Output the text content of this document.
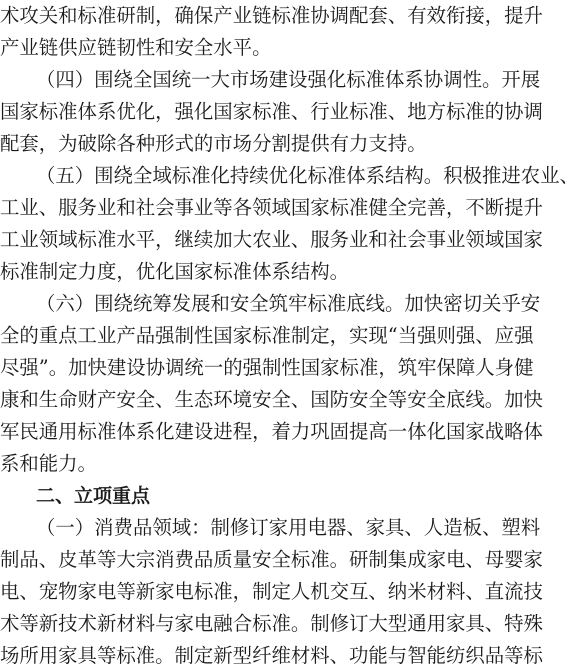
术攻关和标准研制，确保产业链标准协调配套、有效衔接，提升
产业链供应链韧性和安全水平。
（四）围绕全国统一大市场建设强化标准体系协调性。开展
国家标准体系优化，强化国家标准、行业标准、地方标准的协调
配套，为破除各种形式的市场分割提供有力支持。
（五）围绕全域标准化持续优化标准体系结构。积极推进农业、
工业、服务业和社会事业等各领域国家标准健全完善，不断提升
工业领域标准水平，继续加大农业、服务业和社会事业领域国家
标准制定力度，优化国家标准体系结构。
（六）围绕统筹发展和安全筑牢标准底线。加快密切关乎安
全的重点工业产品强制性国家标准制定，实现“当强则强、应强
尽强”。加快建设协调统一的强制性国家标准，筑牢保障人身健
康和生命财产安全、生态环境安全、国防安全等安全底线。加快
军民通用标准体系化建设进程，着力巩固提高一体化国家战略体
系和能力。
二、立项重点
（一）消费品领域：制修订家用电器、家具、人造板、塑料
制品、皮革等大宗消费品质量安全标准。研制集成家电、母婴家
电、宠物家电等新家电标准，制定人机交互、纳米材料、直流技
术等新技术新材料与家电融合标准。制修订大型通用家具、特殊
场所用家具等标准。制定新型纤维材料、功能与智能纺织品等标
